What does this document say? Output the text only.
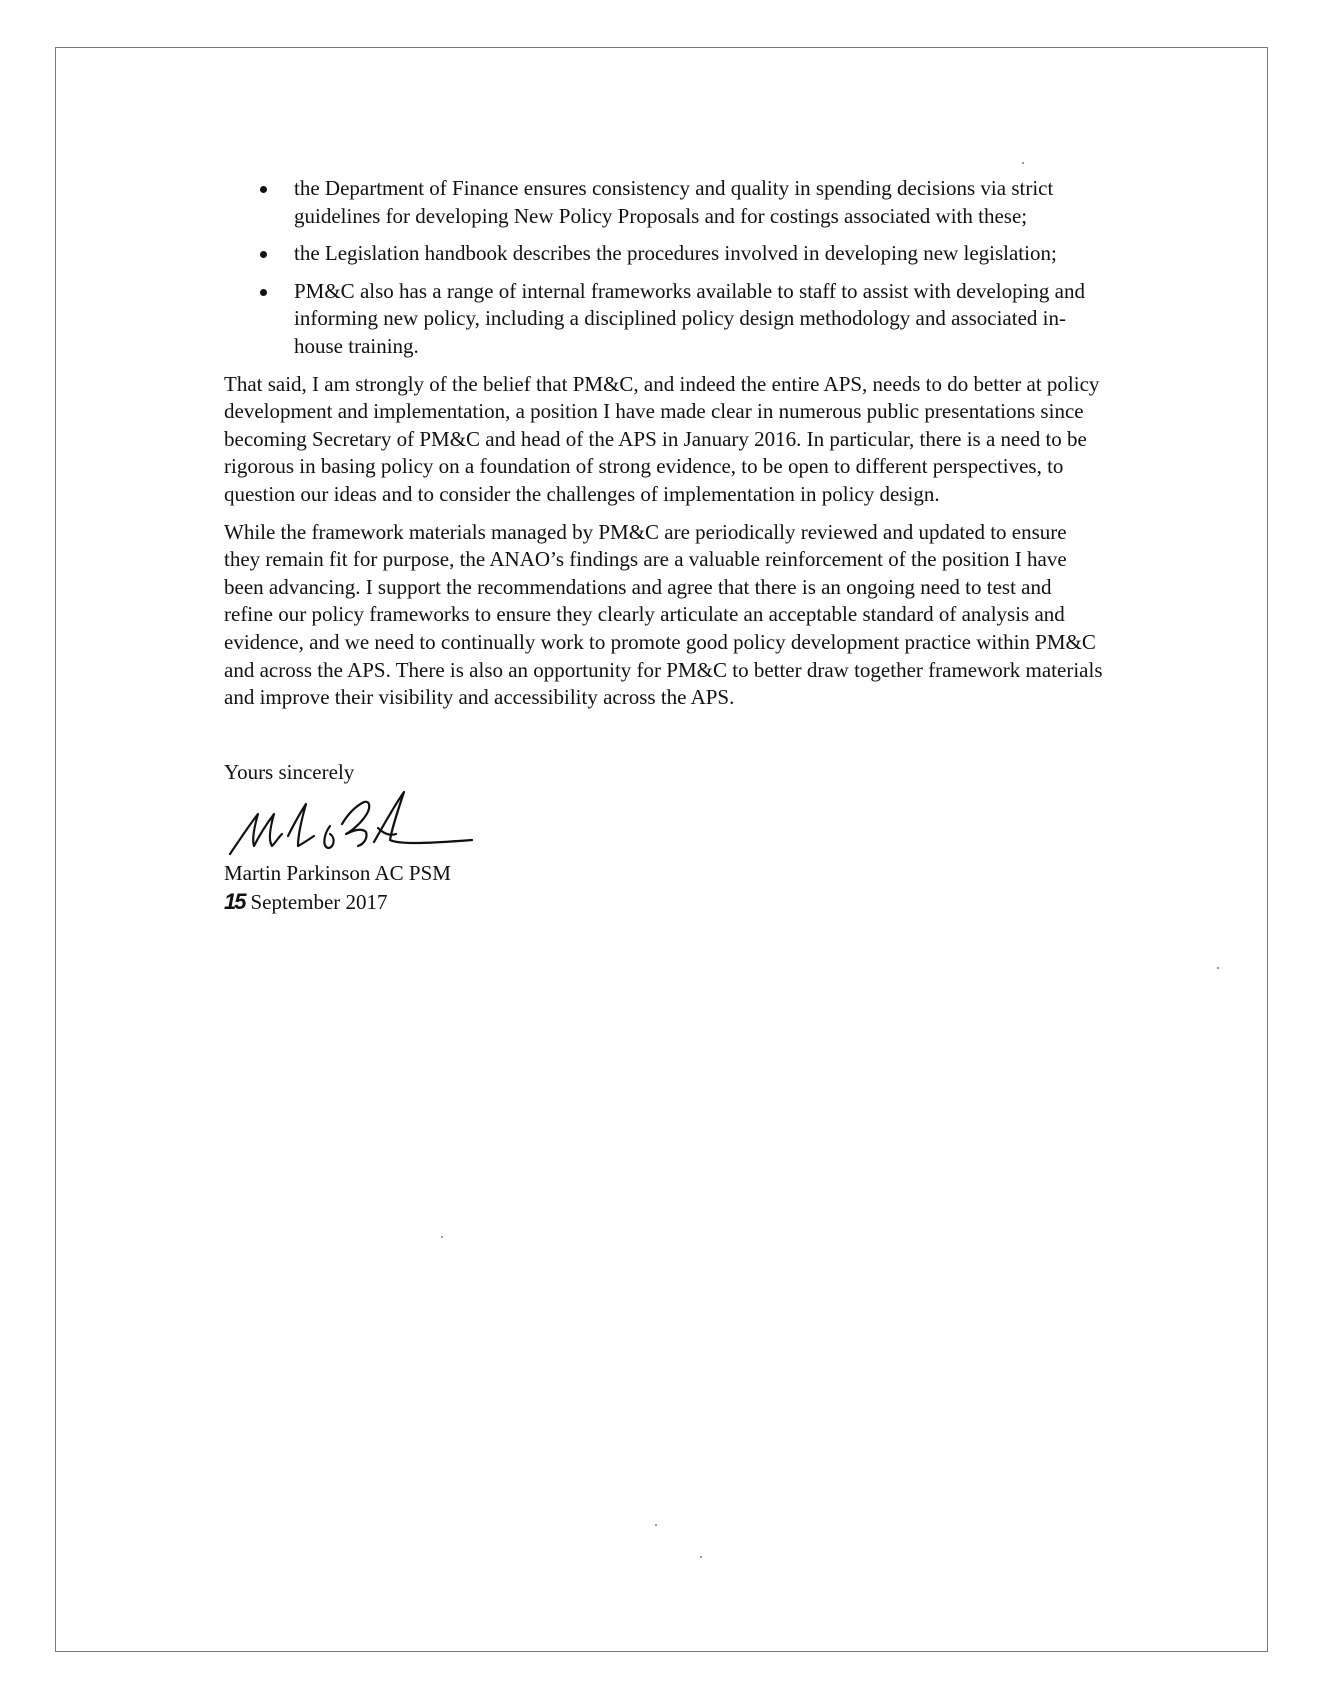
the Department of Finance ensures consistency and quality in spending decisions via strict guidelines for developing New Policy Proposals and for costings associated with these;
the Legislation handbook describes the procedures involved in developing new legislation;
PM&C also has a range of internal frameworks available to staff to assist with developing and informing new policy, including a disciplined policy design methodology and associated in-house training.

That said, I am strongly of the belief that PM&C, and indeed the entire APS, needs to do better at policy development and implementation, a position I have made clear in numerous public presentations since becoming Secretary of PM&C and head of the APS in January 2016. In particular, there is a need to be rigorous in basing policy on a foundation of strong evidence, to be open to different perspectives, to question our ideas and to consider the challenges of implementation in policy design.

While the framework materials managed by PM&C are periodically reviewed and updated to ensure they remain fit for purpose, the ANAO’s findings are a valuable reinforcement of the position I have been advancing. I support the recommendations and agree that there is an ongoing need to test and refine our policy frameworks to ensure they clearly articulate an acceptable standard of analysis and evidence, and we need to continually work to promote good policy development practice within PM&C and across the APS. There is also an opportunity for PM&C to better draw together framework materials and improve their visibility and accessibility across the APS.

Yours sincerely
Martin Parkinson AC PSM
15 September 2017
